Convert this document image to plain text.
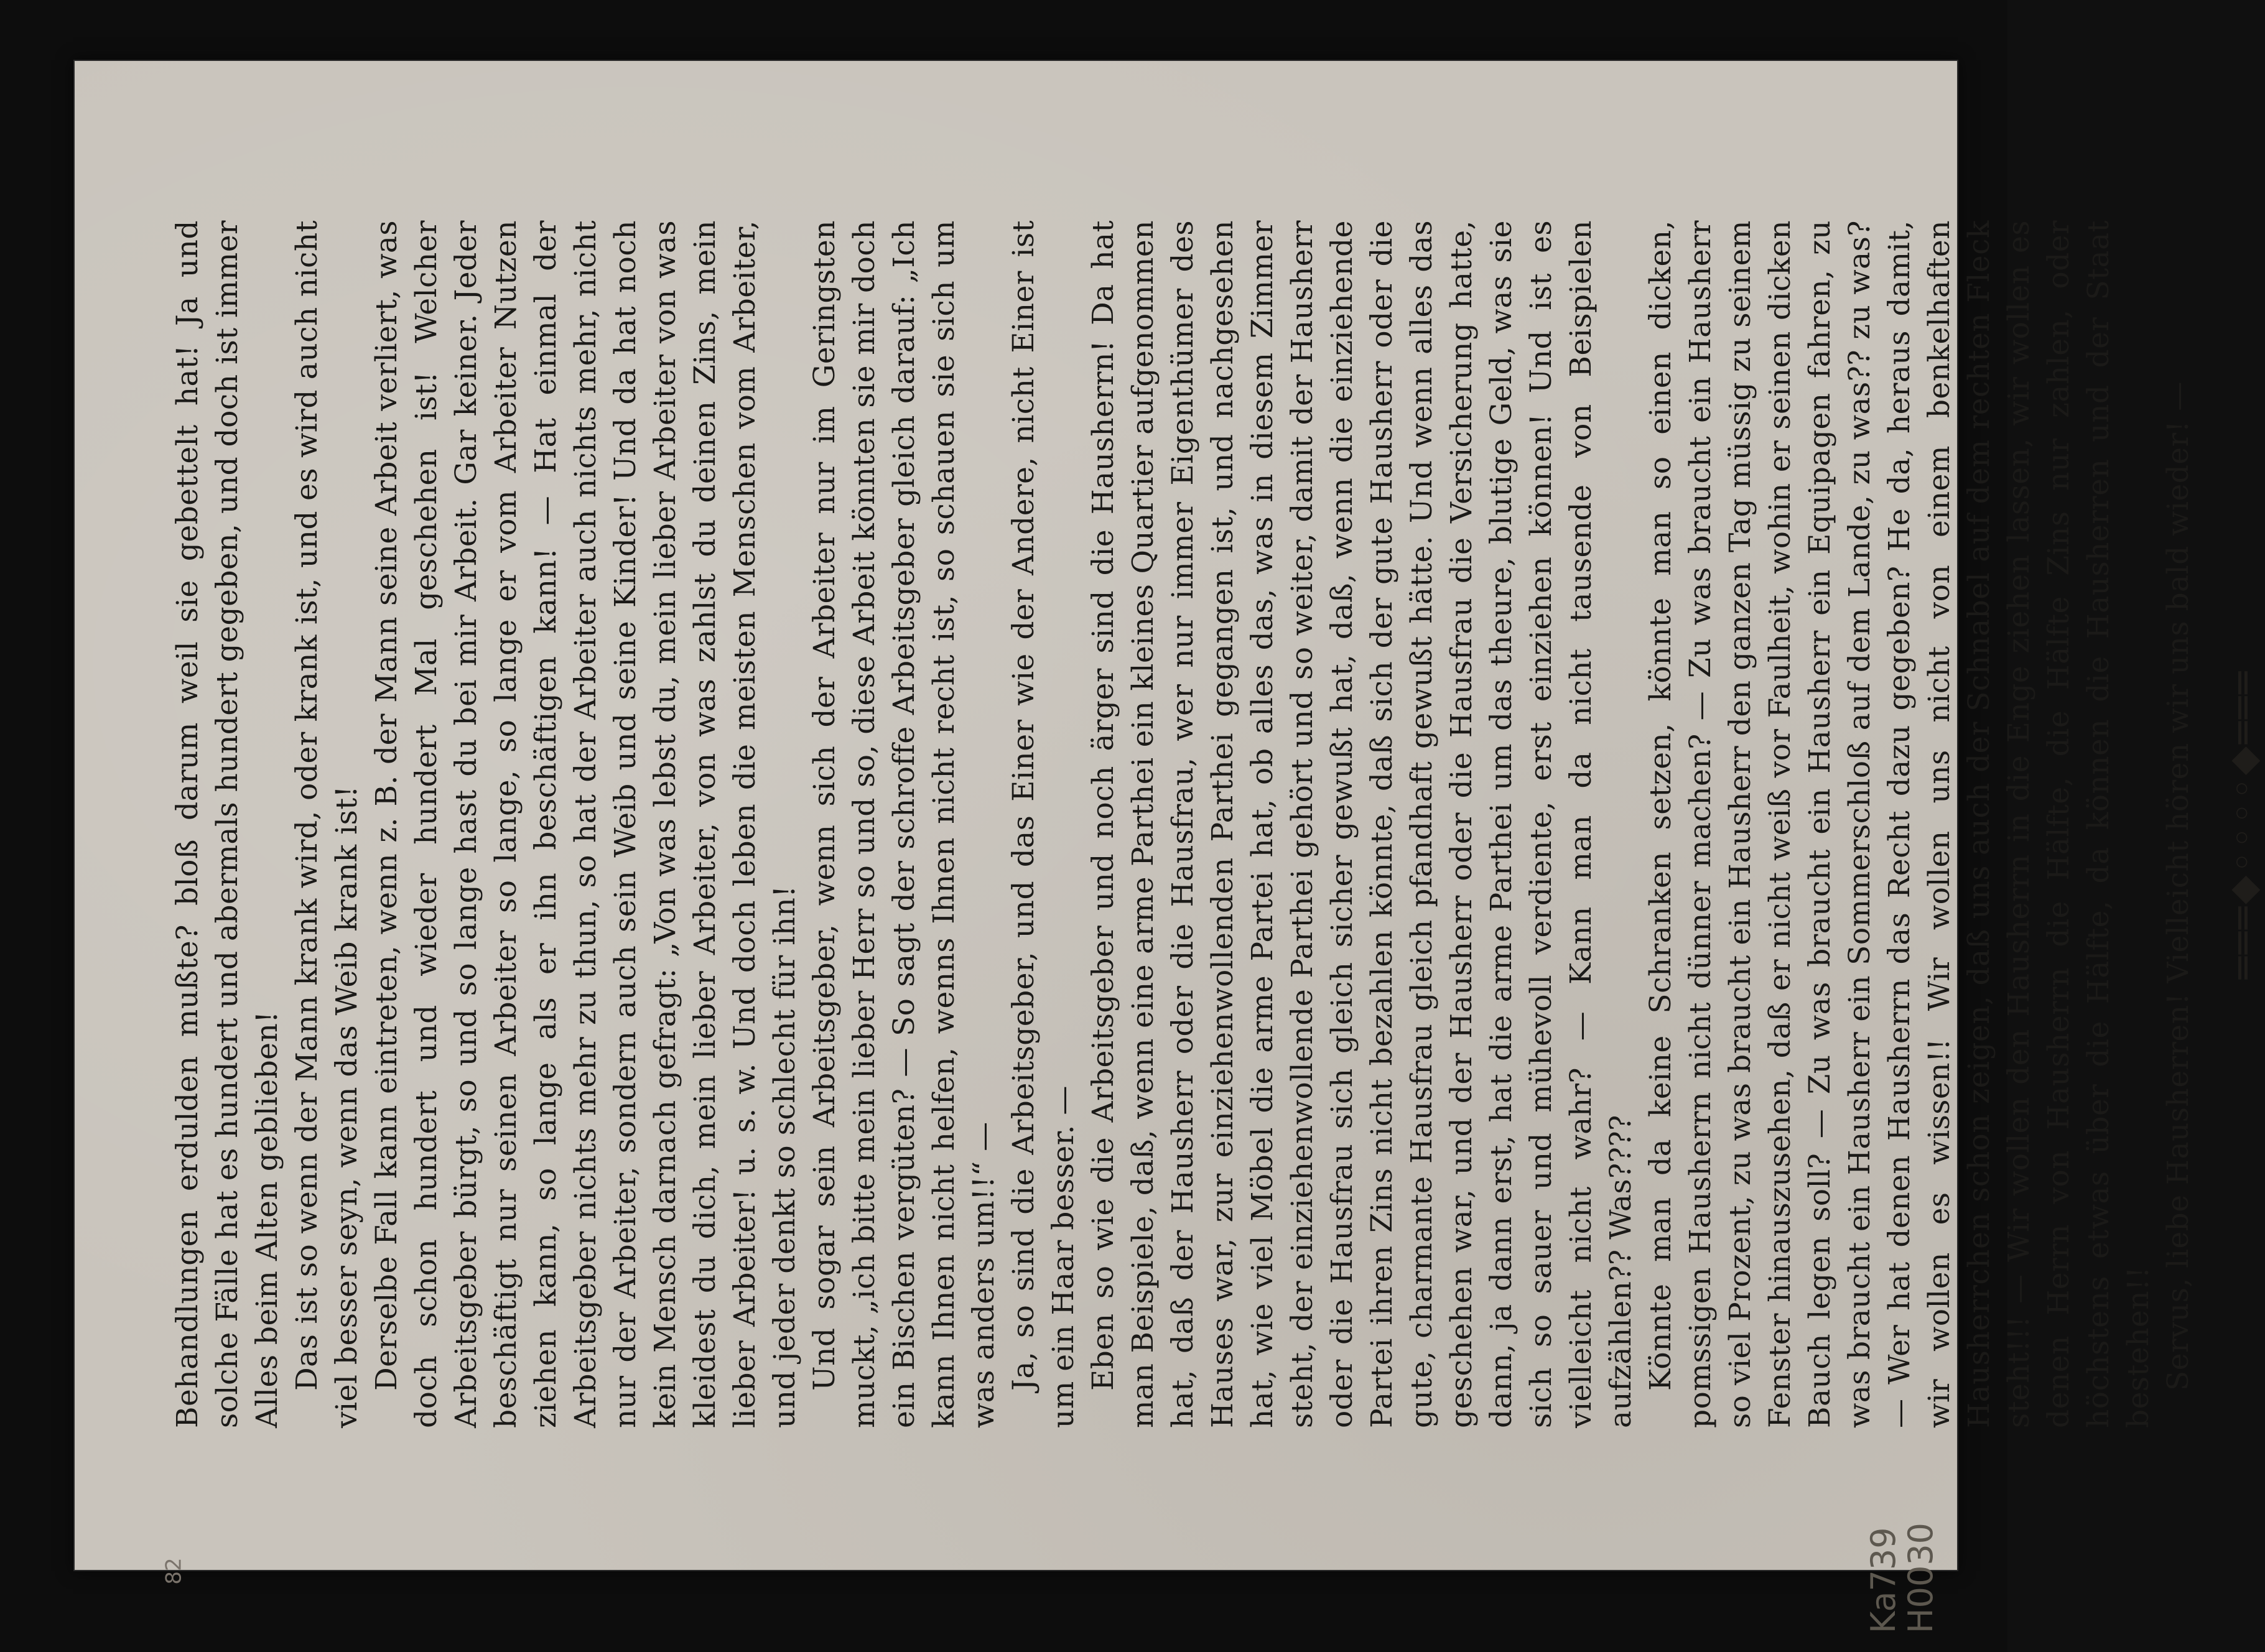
82	Ka739
H0030

Behandlungen erdulden mußte? bloß darum weil sie gebettelt hat! Ja und solche Fälle hat es hundert und abermals hundert gegeben, und doch ist immer Alles beim Alten geblieben! Das ist so wenn der Mann krank wird, oder krank ist, und es wird auch nicht viel besser seyn, wenn das Weib krank ist! Derselbe Fall kann eintreten, wenn z. B. der Mann seine Arbeit verliert, was doch schon hundert und wieder hundert Mal geschehen ist! Welcher Arbeitsgeber bürgt, so und so lange hast du bei mir Arbeit. Gar keiner. Jeder beschäftigt nur seinen Arbeiter so lange, so lange er vom Arbeiter Nutzen ziehen kann, so lange als er ihn beschäftigen kann! — Hat einmal der Arbeitsgeber nichts mehr zu thun, so hat der Arbeiter auch nichts mehr, nicht nur der Arbeiter, sondern auch sein Weib und seine Kinder! Und da hat noch kein Mensch darnach gefragt: „Von was lebst du, mein lieber Arbeiter von was kleidest du dich, mein lieber Arbeiter, von was zahlst du deinen Zins, mein lieber Arbeiter! u. s. w. Und doch leben die meisten Menschen vom Arbeiter, und jeder denkt so schlecht für ihn! Und sogar sein Arbeitsgeber, wenn sich der Arbeiter nur im Geringsten muckt, „ich bitte mein lieber Herr so und so, diese Arbeit könnten sie mir doch ein Bischen vergüten? — So sagt der schroffe Arbeitsgeber gleich darauf: „Ich kann Ihnen nicht helfen, wenns Ihnen nicht recht ist, so schauen sie sich um was anders um!!“ — Ja, so sind die Arbeitsgeber, und das Einer wie der Andere, nicht Einer ist um ein Haar besser. — Eben so wie die Arbeitsgeber und noch ärger sind die Hausherrn! Da hat man Beispiele, daß, wenn eine arme Parthei ein kleines Quartier aufgenommen hat, daß der Hausherr oder die Hausfrau, wer nur immer Eigenthümer des Hauses war, zur einziehenwollenden Parthei gegangen ist, und nachgesehen hat, wie viel Möbel die arme Partei hat, ob alles das, was in diesem Zimmer steht, der einziehenwollende Parthei gehört und so weiter, damit der Hausherr oder die Hausfrau sich gleich sicher gewußt hat, daß, wenn die einziehende Partei ihren Zins nicht bezahlen könnte, daß sich der gute Hausherr oder die gute, charmante Hausfrau gleich pfandhaft gewußt hätte. Und wenn alles das geschehen war, und der Hausherr oder die Hausfrau die Versicherung hatte, dann, ja dann erst, hat die arme Parthei um das theure, blutige Geld, was sie sich so sauer und mühevoll verdiente, erst einziehen können! Und ist es vielleicht nicht wahr? — Kann man da nicht tausende von Beispielen aufzählen?? Was???? Könnte man da keine Schranken setzen, könnte man so einen dicken, pomssigen Hausherrn nicht dünner machen? — Zu was braucht ein Hausherr so viel Prozent, zu was braucht ein Hausherr den ganzen Tag müssig zu seinem Fenster hinauszusehen, daß er nicht weiß vor Faulheit, wohin er seinen dicken Bauch legen soll? — Zu was braucht ein Hausherr ein Equipagen fahren, zu was braucht ein Hausherr ein Sommerschloß auf dem Lande, zu was?? zu was? — Wer hat denen Hausherrn das Recht dazu gegeben? He da, heraus damit, wir wollen es wissen!! Wir wollen uns nicht von einem benkelhaften Hausherrchen schon zeigen, daß uns auch der Schnabel auf dem rechten Fleck steht!!! — Wir wollen den Hausherrn in die Enge ziehen lassen, wir wollen es denen Herrn von Hausherrn die Hälfte, die Hälfte Zins nur zahlen, oder höchstens etwas über die Hälfte, da können die Hausherren und der Staat bestehen!! Servus, liebe Hausherren! Vielleicht hören wir uns bald wieder! — ═══◆◦◦◦◦◆═══
